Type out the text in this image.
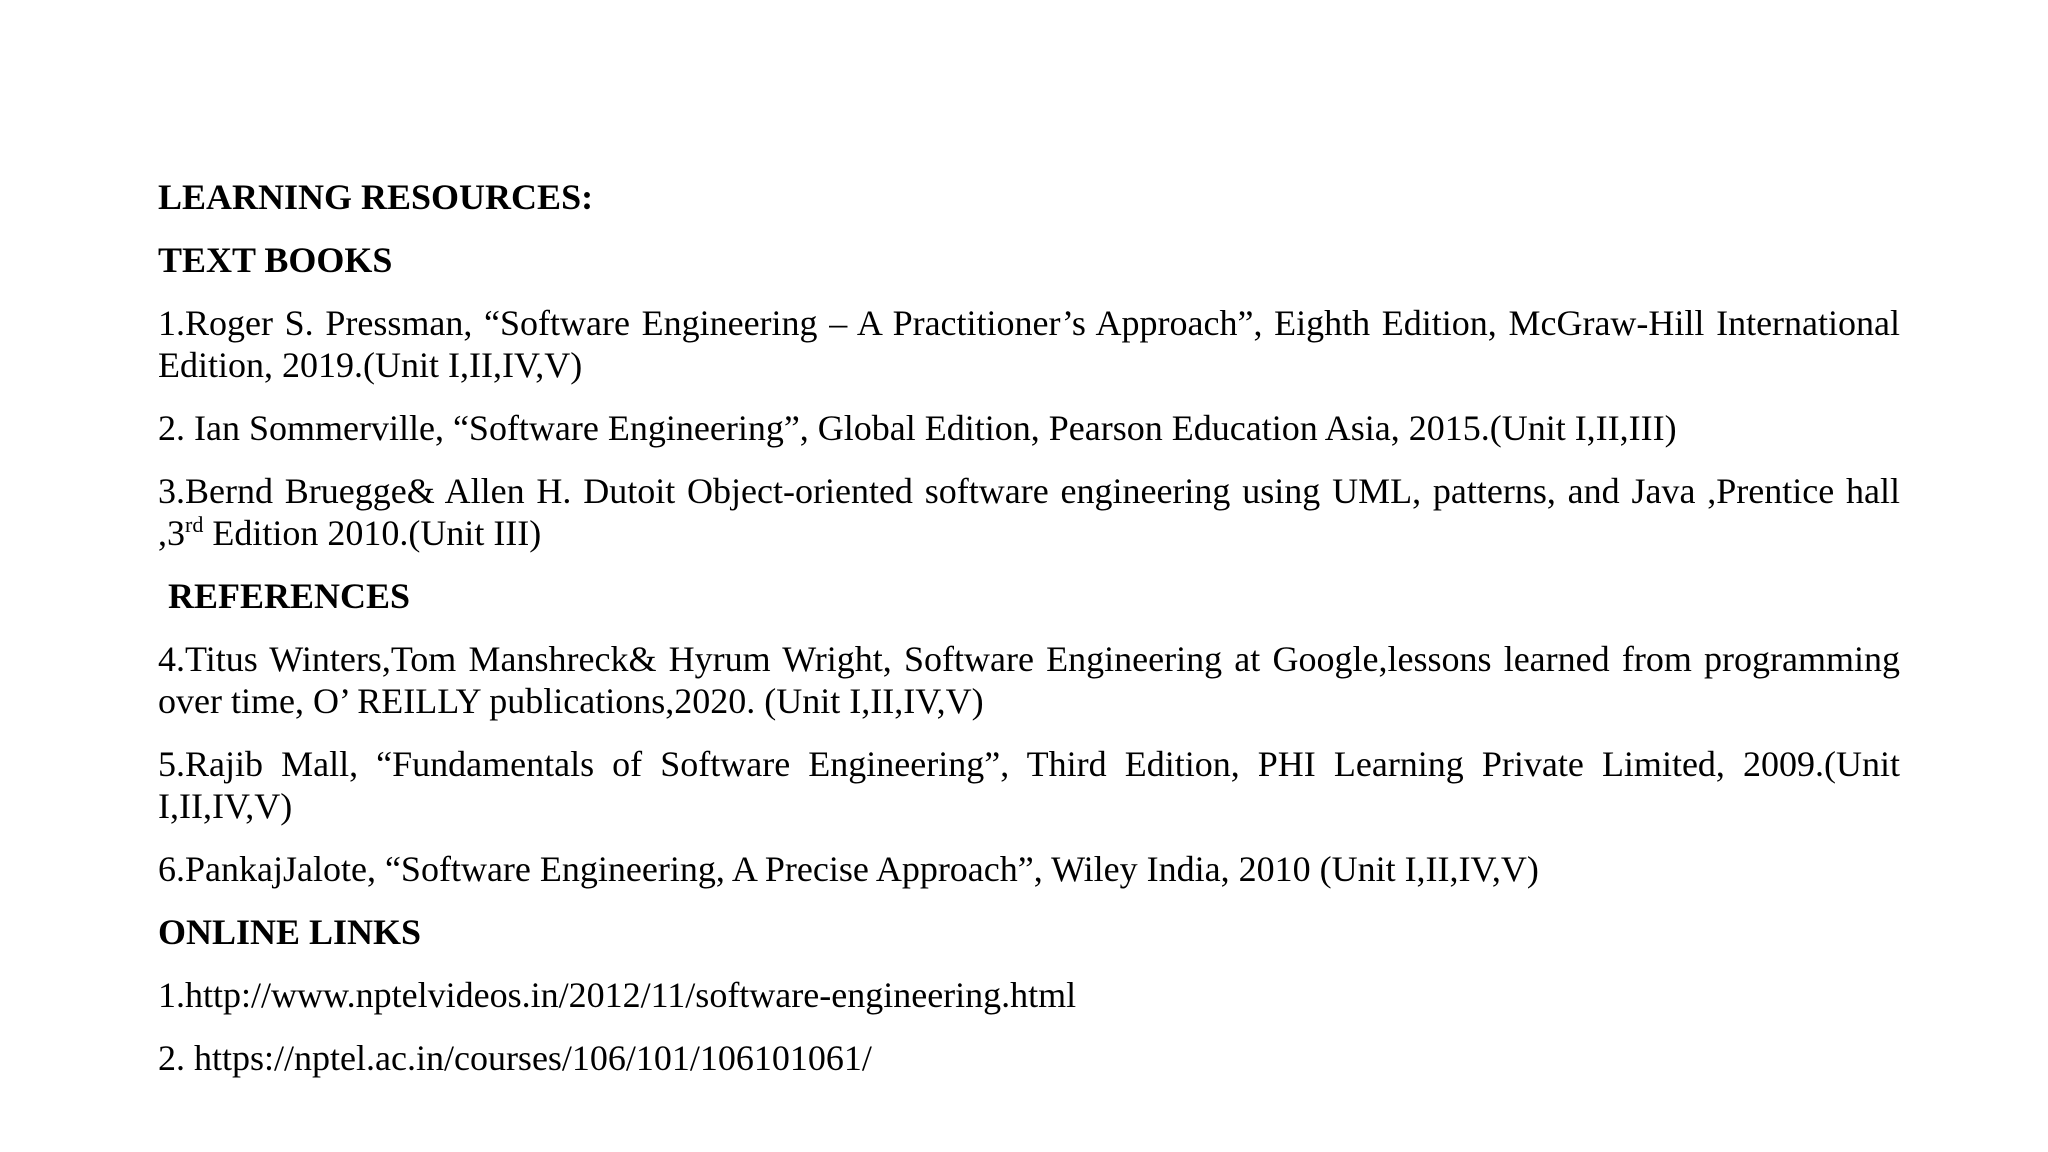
LEARNING RESOURCES:
TEXT BOOKS
1.Roger S. Pressman, “Software Engineering – A Practitioner’s Approach”, Eighth Edition, McGraw-Hill International Edition, 2019.(Unit I,II,IV,V)
2. Ian Sommerville, “Software Engineering”, Global Edition, Pearson Education Asia, 2015.(Unit I,II,III)
3.Bernd Bruegge& Allen H. Dutoit Object-oriented software engineering using UML, patterns, and Java ,Prentice hall ,3rd Edition 2010.(Unit III)
REFERENCES
4.Titus Winters,Tom Manshreck& Hyrum Wright, Software Engineering at Google,lessons learned from programming over time, O’ REILLY publications,2020. (Unit I,II,IV,V)
5.Rajib Mall, “Fundamentals of Software Engineering”, Third Edition, PHI Learning Private Limited, 2009.(Unit I,II,IV,V)
6.PankajJalote, “Software Engineering, A Precise Approach”, Wiley India, 2010 (Unit I,II,IV,V)
ONLINE LINKS
1.http://www.nptelvideos.in/2012/11/software-engineering.html
2. https://nptel.ac.in/courses/106/101/106101061/
